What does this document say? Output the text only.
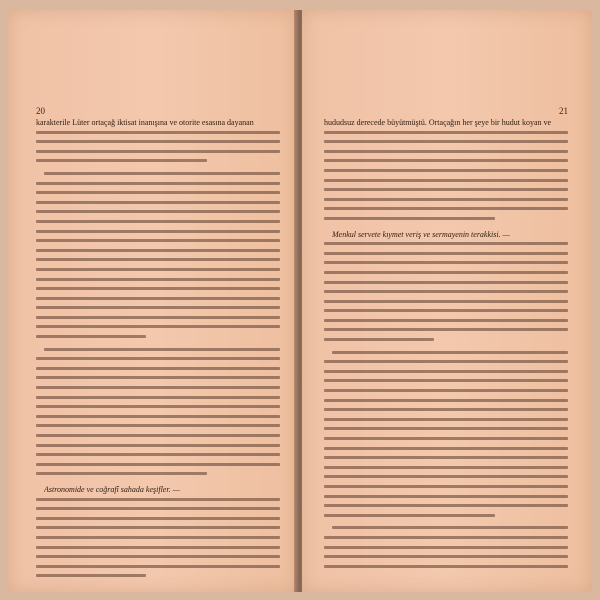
20
karakterile Lüter ortaçağ iktisat inanışına ve otorite esasına dayanan
Astronomide ve coğrafî sahada keşifler. —
21
hududsuz derecede büyütmüştü. Ortaçağın her şeye bir hudut koyan ve
Menkul servete kıymet veriş ve sermayenin terakkisi. —
